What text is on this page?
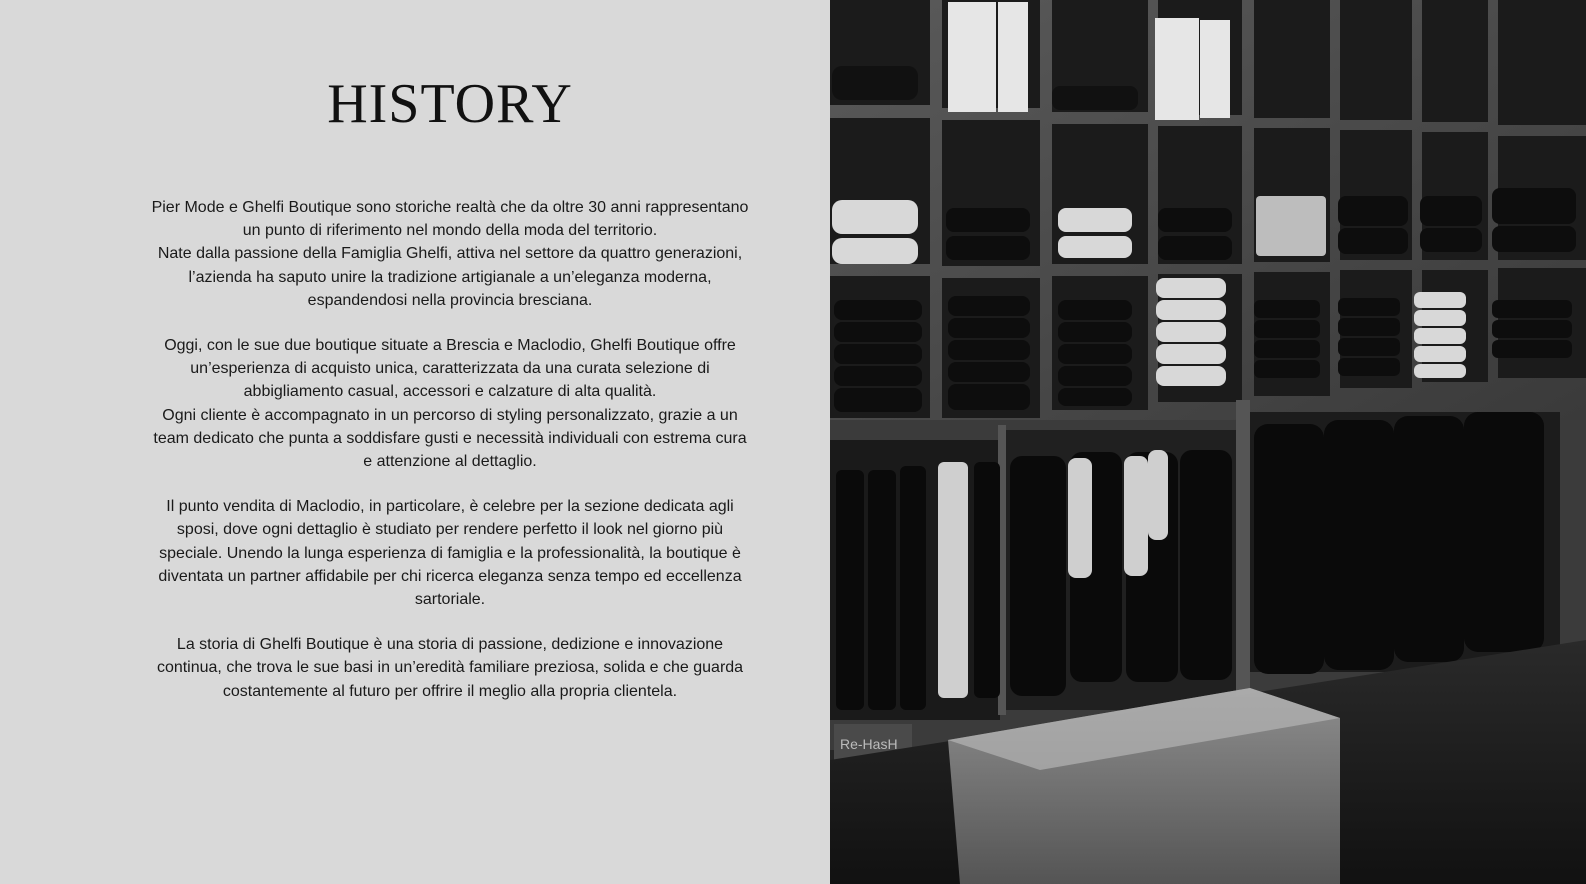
HISTORY

Pier Mode e Ghelfi Boutique sono storiche realtà che da oltre 30 anni rappresentano
un punto di riferimento nel mondo della moda del territorio.
Nate dalla passione della Famiglia Ghelfi, attiva nel settore da quattro generazioni,
l’azienda ha saputo unire la tradizione artigianale a un’eleganza moderna,
espandendosi nella provincia bresciana.

Oggi, con le sue due boutique situate a Brescia e Maclodio, Ghelfi Boutique offre
un’esperienza di acquisto unica, caratterizzata da una curata selezione di
abbigliamento casual, accessori e calzature di alta qualità.
Ogni cliente è accompagnato in un percorso di styling personalizzato, grazie a un
team dedicato che punta a soddisfare gusti e necessità individuali con estrema cura
e attenzione al dettaglio.

Il punto vendita di Maclodio, in particolare, è celebre per la sezione dedicata agli
sposi, dove ogni dettaglio è studiato per rendere perfetto il look nel giorno più
speciale. Unendo la lunga esperienza di famiglia e la professionalità, la boutique è
diventata un partner affidabile per chi ricerca eleganza senza tempo ed eccellenza
sartoriale.

La storia di Ghelfi Boutique è una storia di passione, dedizione e innovazione
continua, che trova le sue basi in un’eredità familiare preziosa, solida e che guarda
costantemente al futuro per offrire il meglio alla propria clientela.

Re-HasH
